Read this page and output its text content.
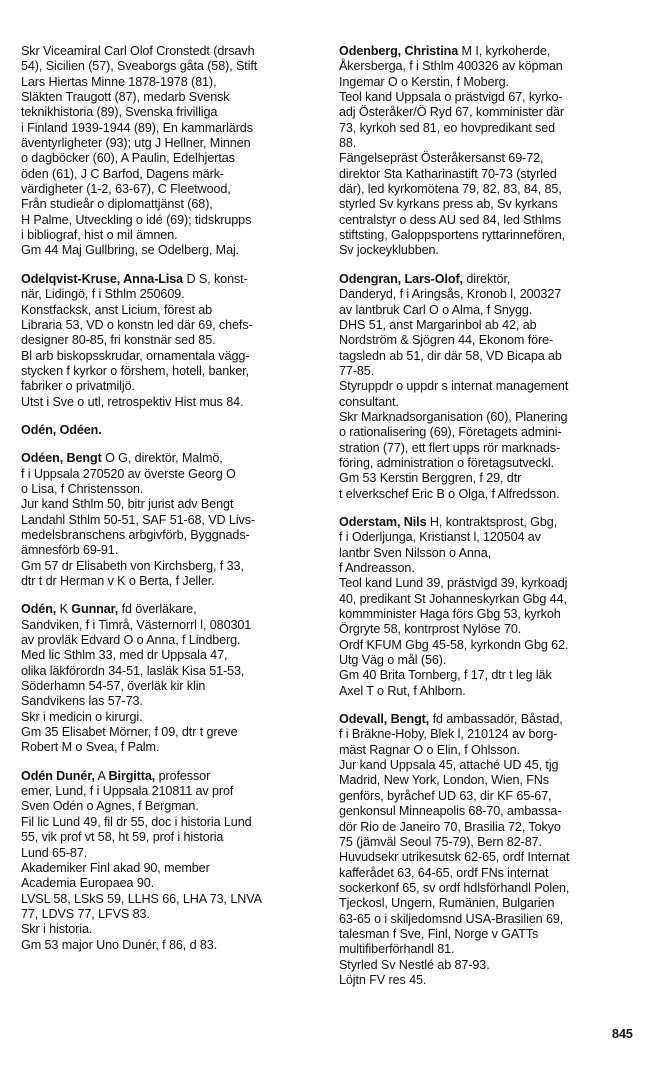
Skr Viceamiral Carl Olof Cronstedt (drsavh
54), Sicilien (57), Sveaborgs gåta (58), Stift
Lars Hiertas Minne 1878-1978 (81),
Släkten Traugott (87), medarb Svensk
teknikhistoria (89), Svenska frivilliga
i Finland 1939-1944 (89), En kammarlärds
äventyrligheter (93); utg J Hellner, Minnen
o dagböcker (60), A Paulin, Edelhjertas
öden (61), J C Barfod, Dagens märk-
värdigheter (1-2, 63-67), C Fleetwood,
Från studieår o diplomattjänst (68),
H Palme, Utveckling o idé (69); tidskrupps
i bibliograf, hist o mil ämnen.
Gm 44 Maj Gullbring, se Odelberg, Maj.
Odelqvist-Kruse, Anna-Lisa D S, konst-
när, Lidingö, f i Sthlm 250609.
Konstfacksk, anst Licium, förest ab
Libraria 53, VD o konstn led där 69, chefs-
designer 80-85, fri konstnär sed 85.
Bl arb biskopsskrudar, ornamentala vägg-
stycken f kyrkor o förshem, hotell, banker,
fabriker o privatmiljö.
Utst i Sve o utl, retrospektiv Hist mus 84.
Odén, Odéen.
Odéen, Bengt O G, direktör, Malmö,
f i Uppsala 270520 av överste Georg O
o Lisa, f Christensson.
Jur kand Sthlm 50, bitr jurist adv Bengt
Landahl Sthlm 50-51, SAF 51-68, VD Livs-
medelsbranschens arbgivförb, Byggnads-
ämnesförb 69-91.
Gm 57 dr Elisabeth von Kirchsberg, f 33,
dtr t dr Herman v K o Berta, f Jeller.
Odén, K Gunnar, fd överläkare,
Sandviken, f i Timrå, Västernorrl l, 080301
av provläk Edvard O o Anna, f Lindberg.
Med lic Sthlm 33, med dr Uppsala 47,
olika läkförordn 34-51, lasläk Kisa 51-53,
Söderhamn 54-57, överläk kir klin
Sandvikens las 57-73.
Skr i medicin o kirurgi.
Gm 35 Elisabet Mörner, f 09, dtr t greve
Robert M o Svea, f Palm.
Odén Dunér, A Birgitta, professor
emer, Lund, f i Uppsala 210811 av prof
Sven Odén o Agnes, f Bergman.
Fil lic Lund 49, fil dr 55, doc i historia Lund
55, vik prof vt 58, ht 59, prof i historia
Lund 65-87.
Akademiker Finl akad 90, member
Academia Europaea 90.
LVSL 58, LSkS 59, LLHS 66, LHA 73, LNVA
77, LDVS 77, LFVS 83.
Skr i historia.
Gm 53 major Uno Dunér, f 86, d 83.
Odenberg, Christina M I, kyrkoherde,
Åkersberga, f i Sthlm 400326 av köpman
Ingemar O o Kerstin, f Moberg.
Teol kand Uppsala o prästvigd 67, kyrko-
adj Österåker/Ö Ryd 67, komminister där
73, kyrkoh sed 81, eo hovpredikant sed
88.
Fängelsepräst Österåkersanst 69-72,
direktor Sta Katharinastift 70-73 (styrled
där), led kyrkomötena 79, 82, 83, 84, 85,
styrled Sv kyrkans press ab, Sv kyrkans
centralstyr o dess AU sed 84, led Sthlms
stiftsting, Galoppsportens ryttarinnefören,
Sv jockeyklubben.
Odengran, Lars-Olof, direktör,
Danderyd, f i Aringsås, Kronob l, 200327
av lantbruk Carl O o Alma, f Snygg.
DHS 51, anst Margarinbol ab 42, ab
Nordström & Sjögren 44, Ekonom före-
tagsledn ab 51, dir där 58, VD Bicapa ab
77-85.
Styruppdr o uppdr s internat management
consultant.
Skr Marknadsorganisation (60), Planering
o rationalisering (69), Företagets admini-
stration (77), ett flert upps rör marknads-
föring, administration o företagsutveckl.
Gm 53 Kerstin Berggren, f 29, dtr
t elverkschef Eric B o Olga, f Alfredsson.
Oderstam, Nils H, kontraktsprost, Gbg,
f i Oderljunga, Kristianst l, 120504 av
lantbr Sven Nilsson o Anna,
f Andreasson.
Teol kand Lund 39, prästvigd 39, kyrkoadj
40, predikant St Johanneskyrkan Gbg 44,
kommminister Haga förs Gbg 53, kyrkoh
Örgryte 58, kontrprost Nylöse 70.
Ordf KFUM Gbg 45-58, kyrkondn Gbg 62.
Utg Väg o mål (56).
Gm 40 Brita Tornberg, f 17, dtr t leg läk
Axel T o Rut, f Ahlborn.
Odevall, Bengt, fd ambassadör, Båstad,
f i Bräkne-Hoby, Blek l, 210124 av borg-
mäst Ragnar O o Elin, f Ohlsson.
Jur kand Uppsala 45, attaché UD 45, tjg
Madrid, New York, London, Wien, FNs
genförs, byråchef UD 63, dir KF 65-67,
genkonsul Minneapolis 68-70, ambassa-
dör Rio de Janeiro 70, Brasilia 72, Tokyo
75 (jämväl Seoul 75-79), Bern 82-87.
Huvudsekr utrikesutsk 62-65, ordf Internat
kafferådet 63, 64-65, ordf FNs internat
sockerkonf 65, sv ordf hdlsförhandl Polen,
Tjeckosl, Ungern, Rumänien, Bulgarien
63-65 o i skiljedomsnd USA-Brasilien 69,
talesman f Sve, Finl, Norge v GATTs
multifiberförhandl 81.
Styrled Sv Nestlé ab 87-93.
Löjtn FV res 45.
845
